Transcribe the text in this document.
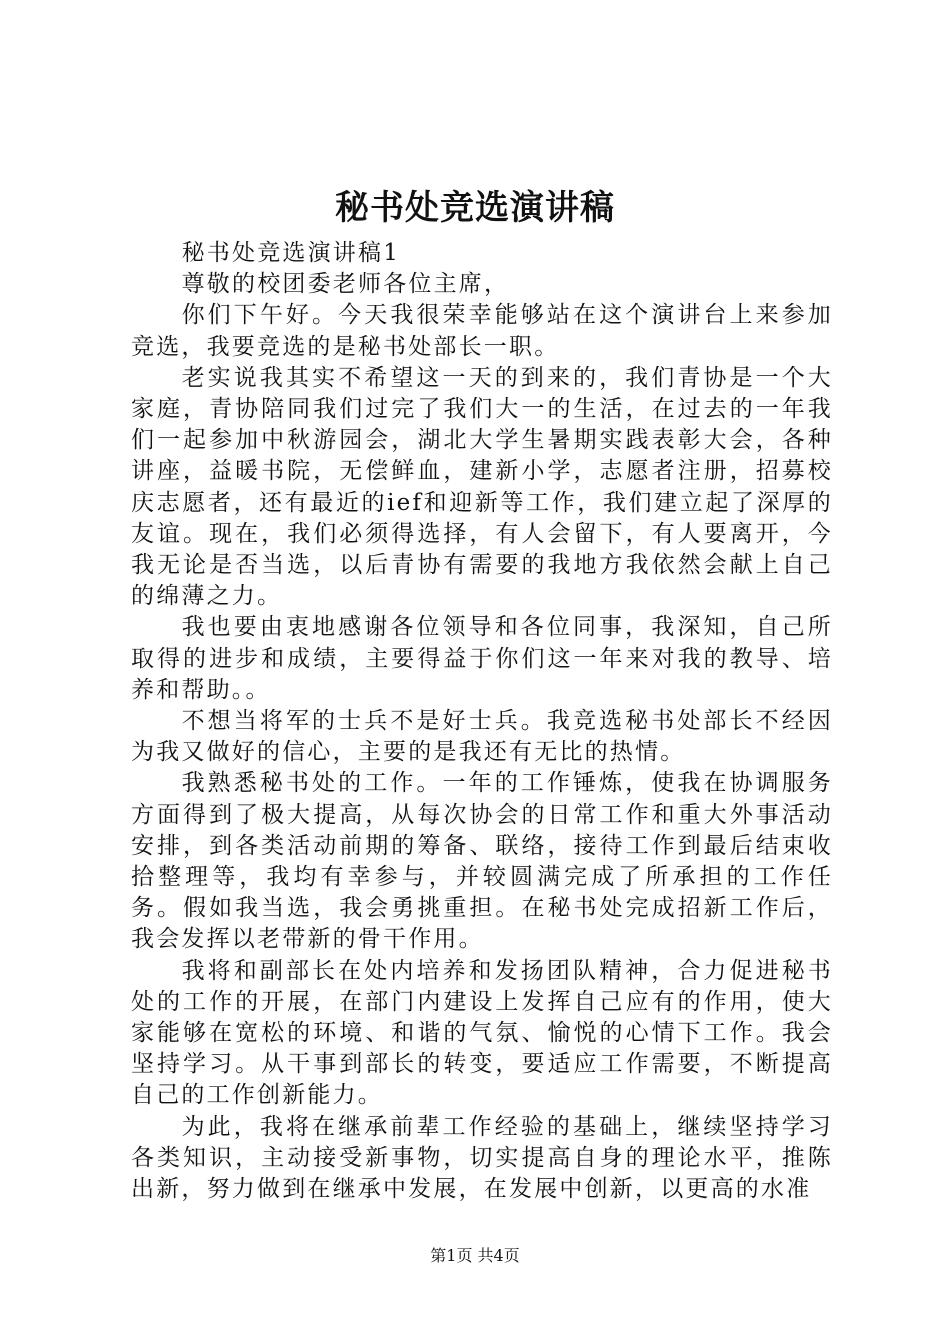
秘书处竞选演讲稿

秘书处竞选演讲稿1

尊敬的校团委老师各位主席，

你们下午好。今天我很荣幸能够站在这个演讲台上来参加竞选，我要竞选的是秘书处部长一职。

老实说我其实不希望这一天的到来的，我们青协是一个大家庭，青协陪同我们过完了我们大一的生活，在过去的一年我们一起参加中秋游园会，湖北大学生暑期实践表彰大会，各种讲座，益暖书院，无偿鲜血，建新小学，志愿者注册，招募校庆志愿者，还有最近的ief和迎新等工作，我们建立起了深厚的友谊。现在，我们必须得选择，有人会留下，有人要离开，今我无论是否当选，以后青协有需要的我地方我依然会献上自己的绵薄之力。

我也要由衷地感谢各位领导和各位同事，我深知，自己所取得的进步和成绩，主要得益于你们这一年来对我的教导、培养和帮助。。

不想当将军的士兵不是好士兵。我竞选秘书处部长不经因为我又做好的信心，主要的是我还有无比的热情。

我熟悉秘书处的工作。一年的工作锤炼，使我在协调服务方面得到了极大提高，从每次协会的日常工作和重大外事活动安排，到各类活动前期的筹备、联络，接待工作到最后结束收拾整理等，我均有幸参与，并较圆满完成了所承担的工作任务。假如我当选，我会勇挑重担。在秘书处完成招新工作后，我会发挥以老带新的骨干作用。

我将和副部长在处内培养和发扬团队精神，合力促进秘书处的工作的开展，在部门内建设上发挥自己应有的作用，使大家能够在宽松的环境、和谐的气氛、愉悦的心情下工作。我会坚持学习。从干事到部长的转变，要适应工作需要，不断提高自己的工作创新能力。

为此，我将在继承前辈工作经验的基础上，继续坚持学习各类知识，主动接受新事物，切实提高自身的理论水平，推陈出新，努力做到在继承中发展，在发展中创新，以更高的水准

第1页 共4页
